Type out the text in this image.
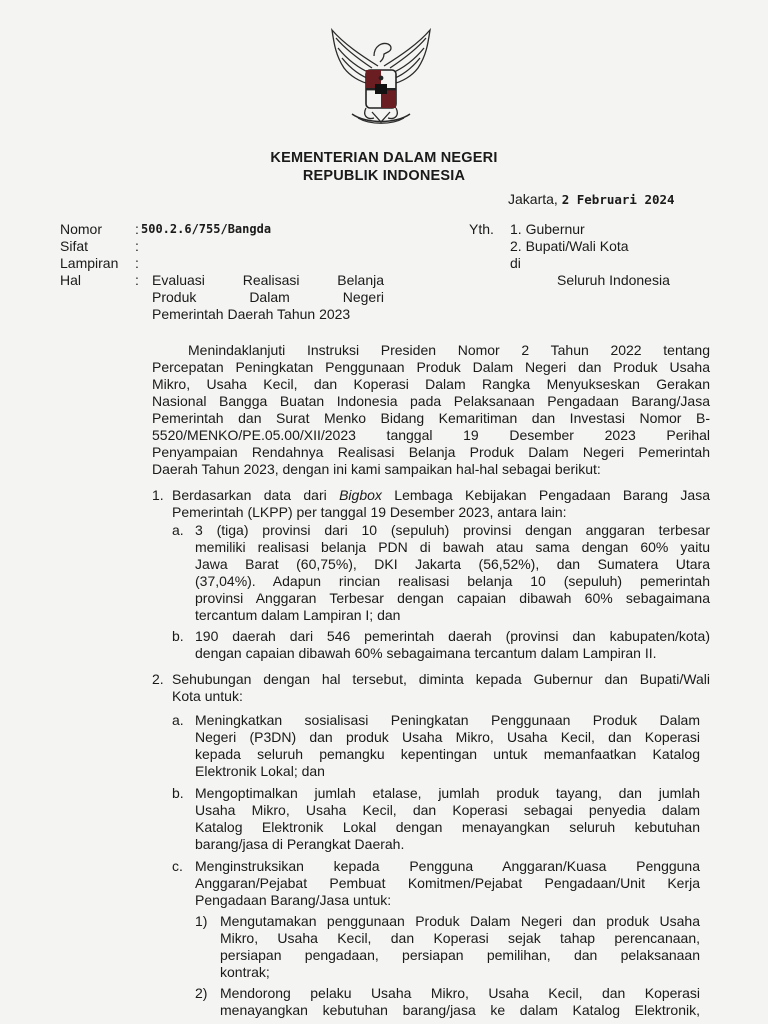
KEMENTERIAN DALAM NEGERI
REPUBLIK INDONESIA
Jakarta, 2 Februari 2024
Nomor
Sifat
Lampiran
Hal
:
:
:
:
500.2.6/755/Bangda
Evaluasi Realisasi Belanja
Produk Dalam Negeri
Pemerintah Daerah Tahun 2023
Yth. 1. Gubernur
2. Bupati/Wali Kota
di
Seluruh Indonesia
Menindaklanjuti Instruksi Presiden Nomor 2 Tahun 2022 tentang
Percepatan Peningkatan Penggunaan Produk Dalam Negeri dan Produk Usaha
Mikro, Usaha Kecil, dan Koperasi Dalam Rangka Menyukseskan Gerakan
Nasional Bangga Buatan Indonesia pada Pelaksanaan Pengadaan Barang/Jasa
Pemerintah dan Surat Menko Bidang Kemaritiman dan Investasi Nomor B-
5520/MENKO/PE.05.00/XII/2023 tanggal 19 Desember 2023 Perihal
Penyampaian Rendahnya Realisasi Belanja Produk Dalam Negeri Pemerintah
Daerah Tahun 2023, dengan ini kami sampaikan hal-hal sebagai berikut:
1. Berdasarkan data dari Bigbox Lembaga Kebijakan Pengadaan Barang Jasa
Pemerintah (LKPP) per tanggal 19 Desember 2023, antara lain:
a. 3 (tiga) provinsi dari 10 (sepuluh) provinsi dengan anggaran terbesar
memiliki realisasi belanja PDN di bawah atau sama dengan 60% yaitu
Jawa Barat (60,75%), DKI Jakarta (56,52%), dan Sumatera Utara
(37,04%). Adapun rincian realisasi belanja 10 (sepuluh) pemerintah
provinsi Anggaran Terbesar dengan capaian dibawah 60% sebagaimana
tercantum dalam Lampiran I; dan
b. 190 daerah dari 546 pemerintah daerah (provinsi dan kabupaten/kota)
dengan capaian dibawah 60% sebagaimana tercantum dalam Lampiran II.
2. Sehubungan dengan hal tersebut, diminta kepada Gubernur dan Bupati/Wali
Kota untuk:
a. Meningkatkan sosialisasi Peningkatan Penggunaan Produk Dalam
Negeri (P3DN) dan produk Usaha Mikro, Usaha Kecil, dan Koperasi
kepada seluruh pemangku kepentingan untuk memanfaatkan Katalog
Elektronik Lokal; dan
b. Mengoptimalkan jumlah etalase, jumlah produk tayang, dan jumlah
Usaha Mikro, Usaha Kecil, dan Koperasi sebagai penyedia dalam
Katalog Elektronik Lokal dengan menayangkan seluruh kebutuhan
barang/jasa di Perangkat Daerah.
c. Menginstruksikan kepada Pengguna Anggaran/Kuasa Pengguna
Anggaran/Pejabat Pembuat Komitmen/Pejabat Pengadaan/Unit Kerja
Pengadaan Barang/Jasa untuk:
1) Mengutamakan penggunaan Produk Dalam Negeri dan produk Usaha
Mikro, Usaha Kecil, dan Koperasi sejak tahap perencanaan,
persiapan pengadaan, persiapan pemilihan, dan pelaksanaan
kontrak;
2) Mendorong pelaku Usaha Mikro, Usaha Kecil, dan Koperasi
menayangkan kebutuhan barang/jasa ke dalam Katalog Elektronik,
